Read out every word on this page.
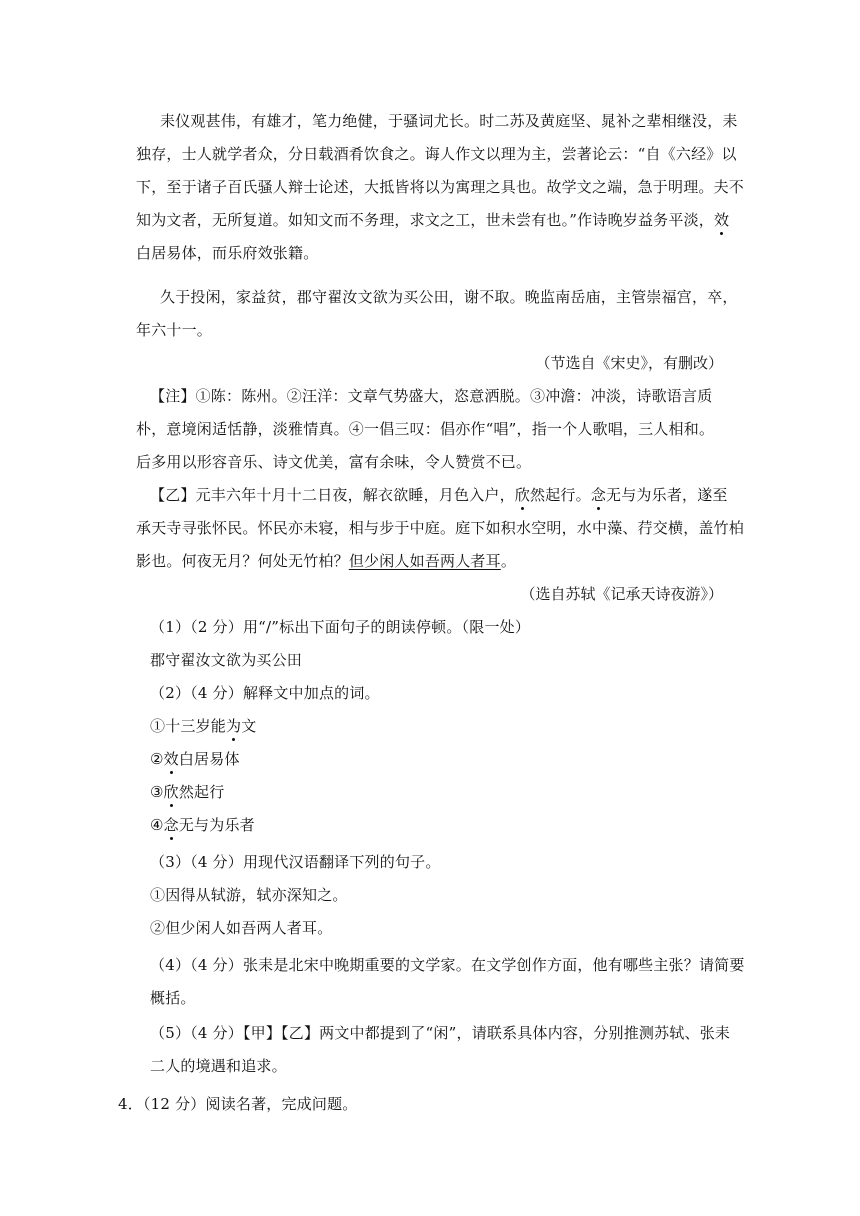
耒仪观甚伟，有雄才，笔力绝健，于骚词尤长。时二苏及黄庭坚、晁补之辈相继没，耒
独存，士人就学者众，分日载酒肴饮食之。诲人作文以理为主，尝著论云：“自《六经》以
下，至于诸子百氏骚人辩士论述，大抵皆将以为寓理之具也。故学文之端，急于明理。夫不
知为文者，无所复道。如知文而不务理，求文之工，世未尝有也。”作诗晚岁益务平淡，效
白居易体，而乐府效张籍。
久于投闲，家益贫，郡守翟汝文欲为买公田，谢不取。晚监南岳庙，主管崇福宫，卒，
年六十一。
（节选自《宋史》，有删改）
【注】①陈：陈州。②汪洋：文章气势盛大，恣意洒脱。③冲澹：冲淡，诗歌语言质
朴，意境闲适恬静，淡雅情真。④一倡三叹：倡亦作“唱”，指一个人歌唱，三人相和。
后多用以形容音乐、诗文优美，富有余味，令人赞赏不已。
【乙】元丰六年十月十二日夜，解衣欲睡，月色入户，欣然起行。念无与为乐者，遂至
承天寺寻张怀民。怀民亦未寝，相与步于中庭。庭下如积水空明，水中藻、荇交横，盖竹柏
影也。何夜无月？何处无竹柏？但少闲人如吾两人者耳。
（选自苏轼《记承天诗夜游》）
（1）（2 分）用“/”标出下面句子的朗读停顿。（限一处）
郡守翟汝文欲为买公田
（2）（4 分）解释文中加点的词。
①十三岁能为文
②效白居易体
③欣然起行
④念无与为乐者
（3）（4 分）用现代汉语翻译下列的句子。
①因得从轼游，轼亦深知之。
②但少闲人如吾两人者耳。
（4）（4 分）张耒是北宋中晚期重要的文学家。在文学创作方面，他有哪些主张？请简要
概括。
（5）（4 分）【甲】【乙】两文中都提到了“闲”，请联系具体内容，分别推测苏轼、张耒
二人的境遇和追求。
4．（12 分）阅读名著，完成问题。
